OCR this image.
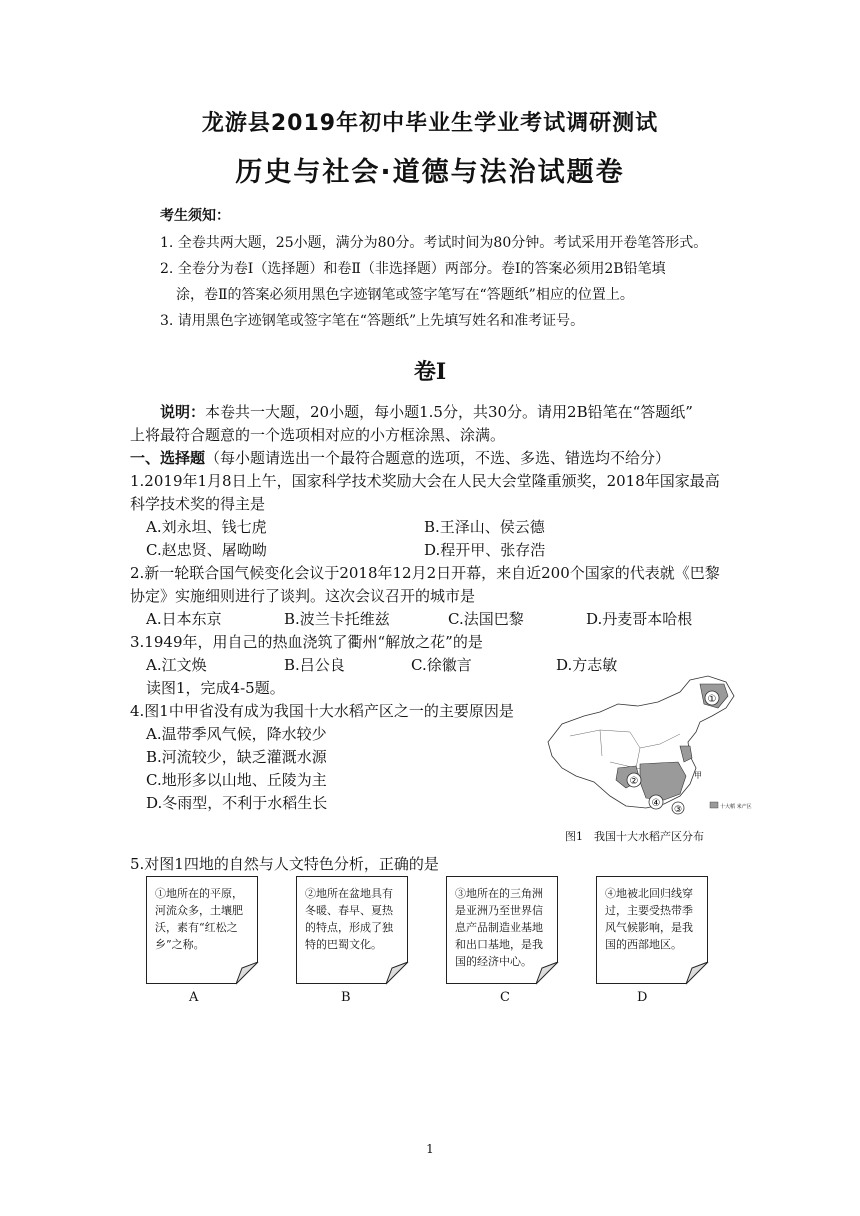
龙游县2019年初中毕业生学业考试调研测试
历史与社会·道德与法治试题卷
考生须知：
1. 全卷共两大题，25小题，满分为80分。考试时间为80分钟。考试采用开卷笔答形式。
2. 全卷分为卷Ⅰ（选择题）和卷Ⅱ（非选择题）两部分。卷Ⅰ的答案必须用2B铅笔填
涂，卷Ⅱ的答案必须用黑色字迹钢笔或签字笔写在“答题纸”相应的位置上。
3. 请用黑色字迹钢笔或签字笔在“答题纸”上先填写姓名和准考证号。
卷Ⅰ
说明：本卷共一大题，20小题，每小题1.5分，共30分。请用2B铅笔在“答题纸”
上将最符合题意的一个选项相对应的小方框涂黑、涂满。
一、选择题（每小题请选出一个最符合题意的选项，不选、多选、错选均不给分）
1.2019年1月8日上午，国家科学技术奖励大会在人民大会堂隆重颁奖，2018年国家最高
科学技术奖的得主是
A.刘永坦、钱七虎	B.王泽山、侯云德
C.赵忠贤、屠呦呦	D.程开甲、张存浩
2.新一轮联合国气候变化会议于2018年12月2日开幕，来自近200个国家的代表就《巴黎
协定》实施细则进行了谈判。这次会议召开的城市是
A.日本东京	B.波兰卡托维兹	C.法国巴黎	D.丹麦哥本哈根
3.1949年，用自己的热血浇筑了衢州“解放之花”的是
A.江文焕	B.吕公良	C.徐徽言	D.方志敏
读图1，完成4-5题。
4.图1中甲省没有成为我国十大水稻产区之一的主要原因是
A.温带季风气候，降水较少
B.河流较少，缺乏灌溉水源
C.地形多以山地、丘陵为主
D.冬雨型，不利于水稻生长
①
②
③
④
甲
十大稻 米产区
图1　我国十大水稻产区分布
5.对图1四地的自然与人文特色分析，正确的是
①地所在的平原，河流众多，土壤肥沃，素有“红松之乡”之称。
A
②地所在盆地具有冬暖、春早、夏热的特点，形成了独特的巴蜀文化。
B
③地所在的三角洲是亚洲乃至世界信息产品制造业基地和出口基地，是我国的经济中心。
C
④地被北回归线穿过，主要受热带季风气候影响，是我国的西部地区。
D
1
